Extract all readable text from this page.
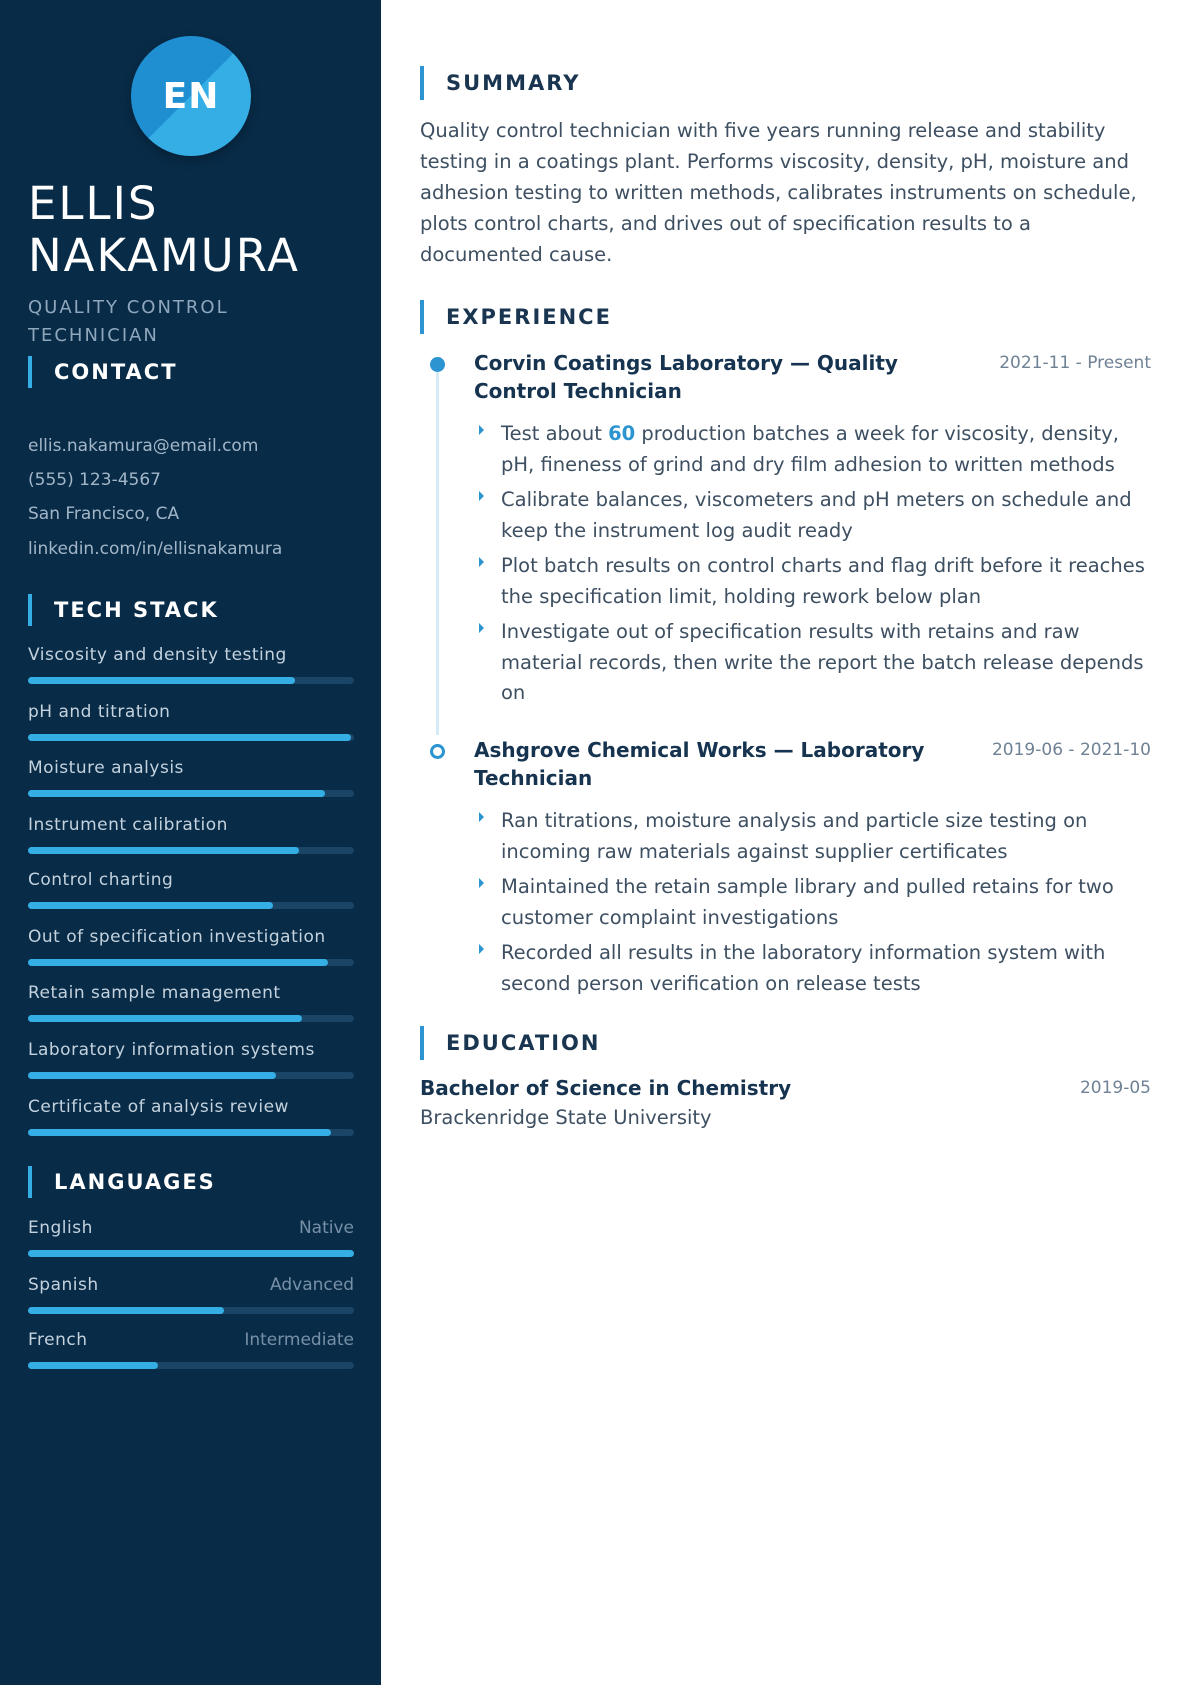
EN
ELLIS NAKAMURA
QUALITY CONTROL TECHNICIAN
CONTACT
ellis.nakamura@email.com
(555) 123-4567
San Francisco, CA
linkedin.com/in/ellisnakamura
TECH STACK
Viscosity and density testing
pH and titration
Moisture analysis
Instrument calibration
Control charting
Out of specification investigation
Retain sample management
Laboratory information systems
Certificate of analysis review
LANGUAGES
English	Native
Spanish	Advanced
French	Intermediate
SUMMARY

Quality control technician with five years running release and stability testing in a coatings plant. Performs viscosity, density, pH, moisture and adhesion testing to written methods, calibrates instruments on schedule, plots control charts, and drives out of specification results to a documented cause.

EXPERIENCE
Corvin Coatings Laboratory — Quality Control Technician
2021-11 - Present
Test about 60 production batches a week for viscosity, density, pH, fineness of grind and dry film adhesion to written methods
Calibrate balances, viscometers and pH meters on schedule and keep the instrument log audit ready
Plot batch results on control charts and flag drift before it reaches the specification limit, holding rework below plan
Investigate out of specification results with retains and raw material records, then write the report the batch release depends on
Ashgrove Chemical Works — Laboratory Technician
2019-06 - 2021-10
Ran titrations, moisture analysis and particle size testing on incoming raw materials against supplier certificates
Maintained the retain sample library and pulled retains for two customer complaint investigations
Recorded all results in the laboratory information system with second person verification on release tests
EDUCATION
Bachelor of Science in Chemistry	2019-05
Brackenridge State University
